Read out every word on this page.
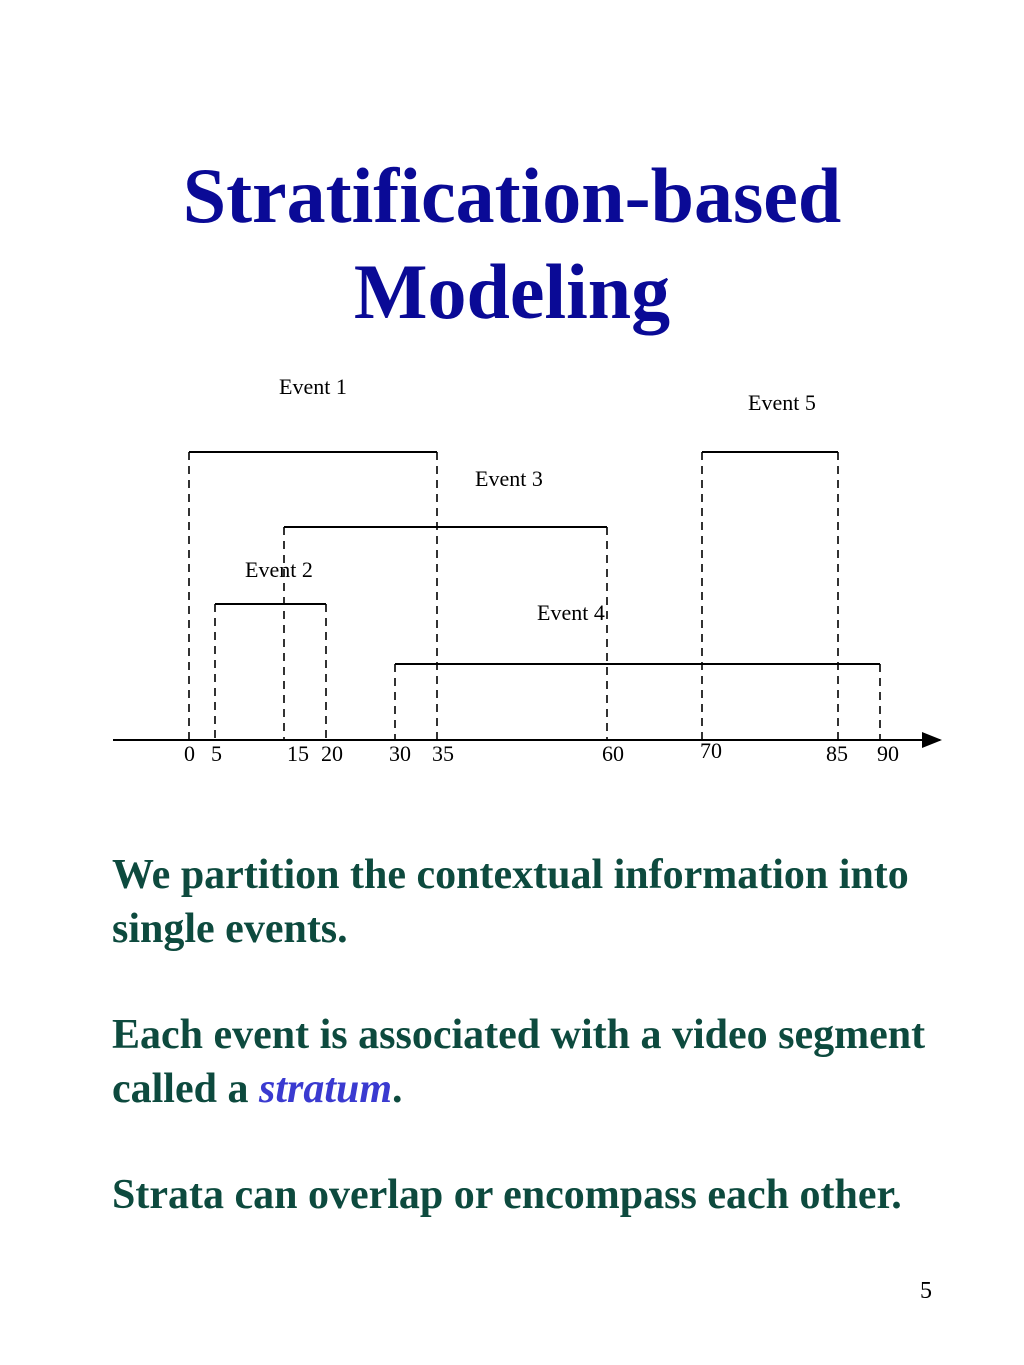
Stratification-based
Modeling
Event 1
Event 2
Event 3
Event 4
Event 5
0 5	15 20 30 35	60	70	85 90

We partition the contextual information into single events.

Each event is associated with a video segment called a stratum.

Strata can overlap or encompass each other.

5
